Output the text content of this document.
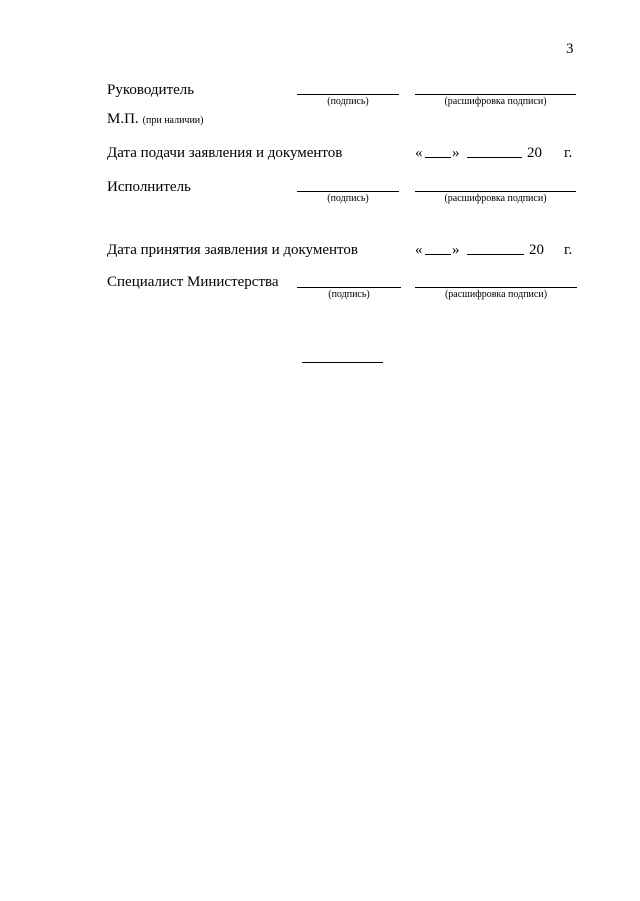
3
Руководитель
(подпись)	(расшифровка подписи)
М.П. (при наличии)
Дата подачи заявления и документов	« »	20 г.
Исполнитель
(подпись)	(расшифровка подписи)
Дата принятия заявления и документов	« »	20 г.
Специалист Министерства
(подпись)	(расшифровка подписи)
